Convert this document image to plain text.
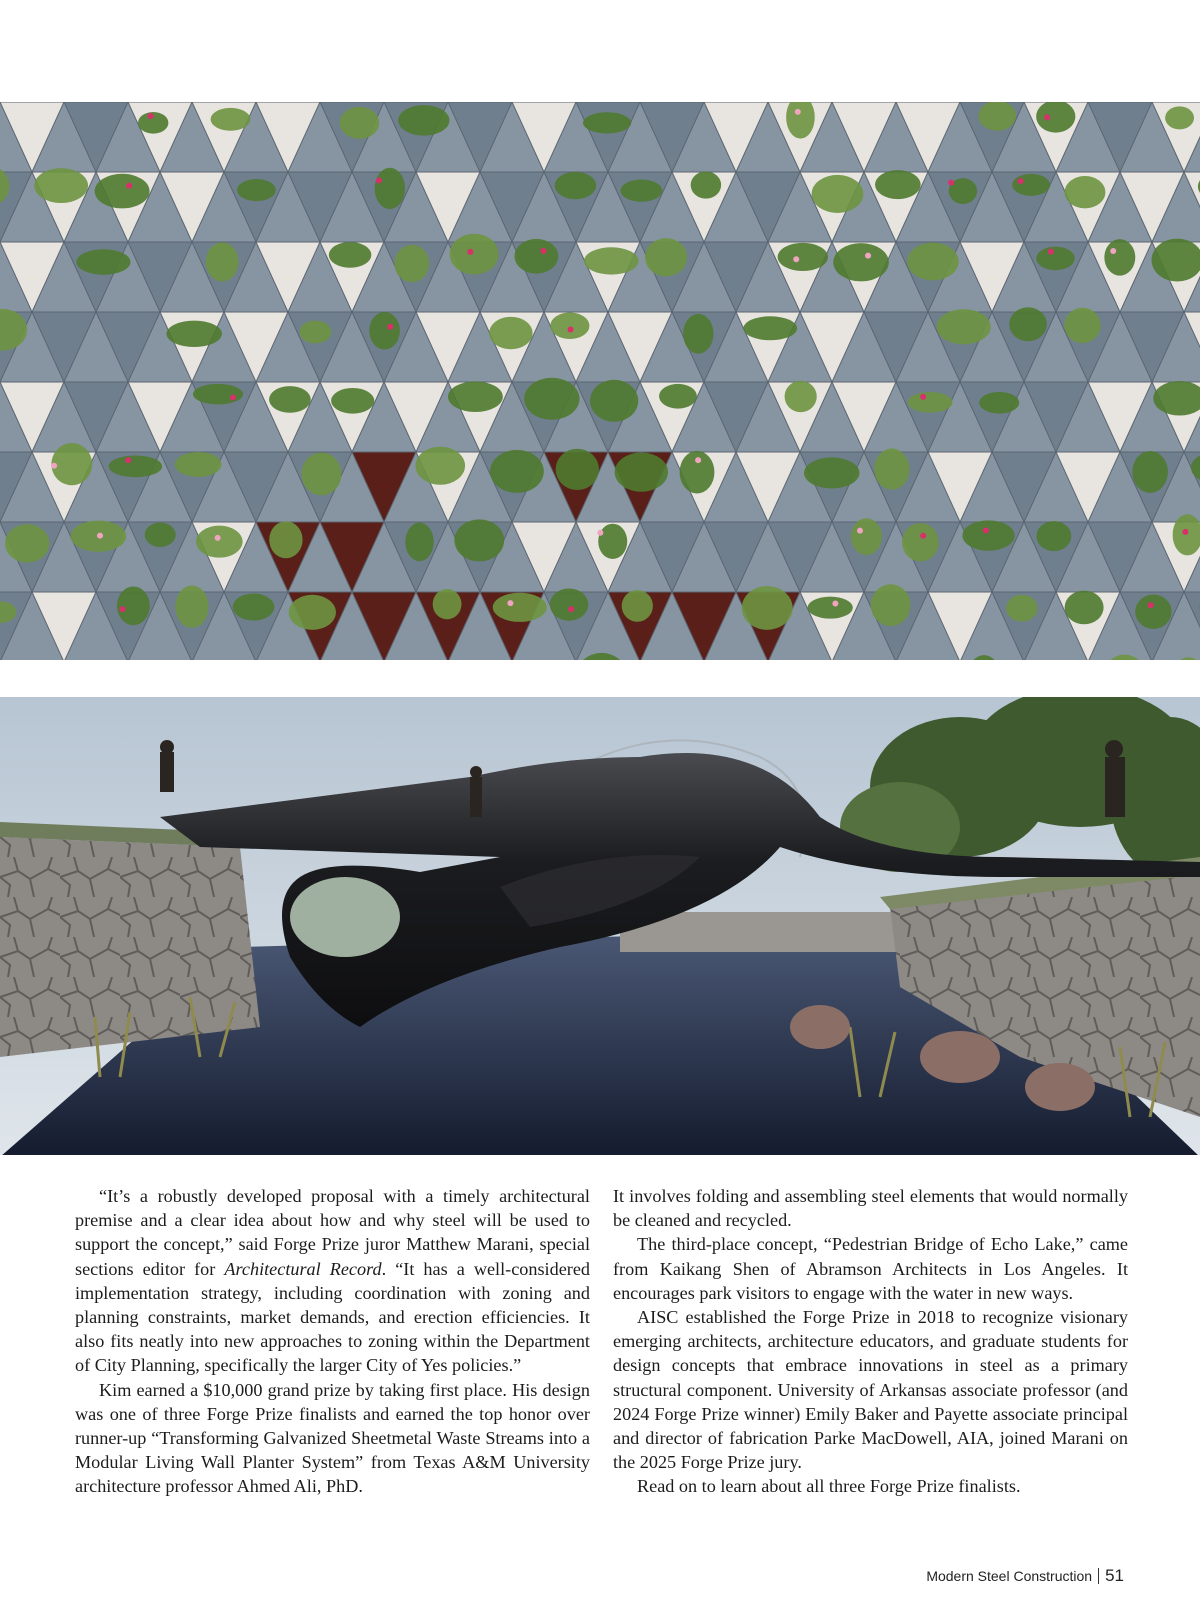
“It’s a robustly developed proposal with a timely architectural premise and a clear idea about how and why steel will be used to support the concept,” said Forge Prize juror Matthew Marani, special sections editor for Architectural Record. “It has a well-considered implementation strategy, including coordination with zoning and planning constraints, market demands, and erection efficiencies. It also fits neatly into new approaches to zoning within the Department of City Planning, specifically the larger City of Yes policies.”

Kim earned a $10,000 grand prize by taking first place. His design was one of three Forge Prize finalists and earned the top honor over runner-up “Transforming Galvanized Sheetmetal Waste Streams into a Modular Living Wall Planter System” from Texas A&M University architecture professor Ahmed Ali, PhD.

It involves folding and assembling steel elements that would normally be cleaned and recycled.

The third-place concept, “Pedestrian Bridge of Echo Lake,” came from Kaikang Shen of Abramson Architects in Los Angeles. It encourages park visitors to engage with the water in new ways.

AISC established the Forge Prize in 2018 to recognize visionary emerging architects, architecture educators, and graduate students for design concepts that embrace innovations in steel as a primary structural component. University of Arkansas associate professor (and 2024 Forge Prize winner) Emily Baker and Payette associate principal and director of fabrication Parke MacDowell, AIA, joined Marani on the 2025 Forge Prize jury.

Read on to learn about all three Forge Prize finalists.

Modern Steel Construction 51
